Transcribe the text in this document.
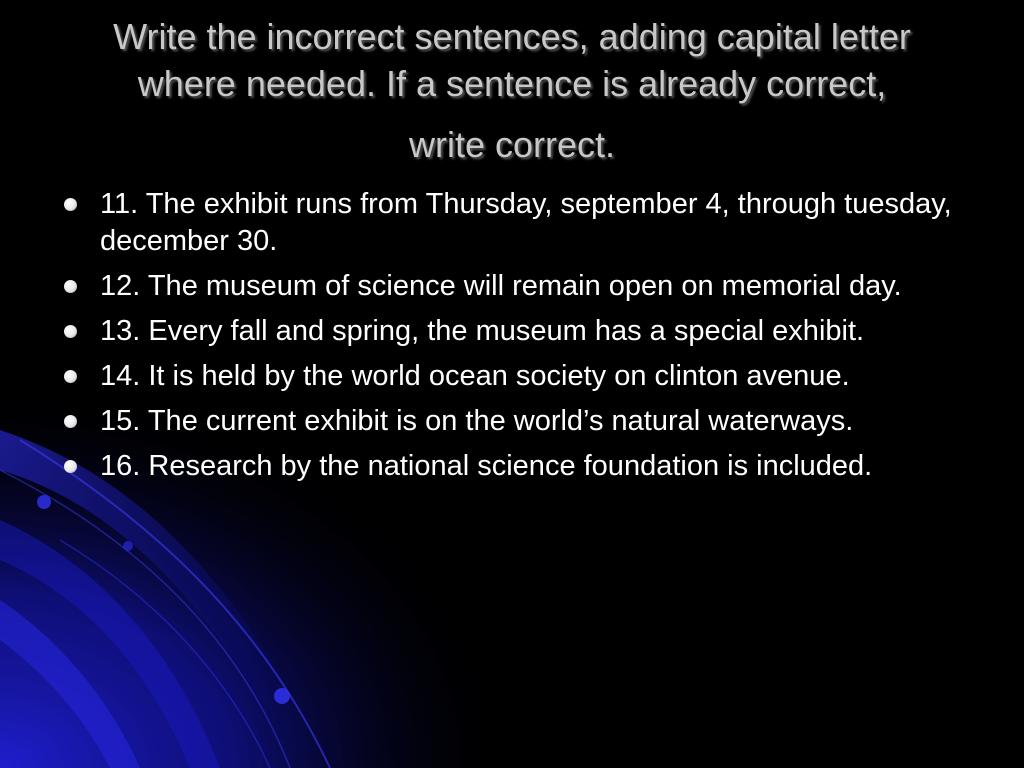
Write the incorrect sentences, adding capital letter
where needed. If a sentence is already correct,
write correct.
11. The exhibit runs from Thursday, september 4, through tuesday, december 30.
12. The museum of science will remain open on memorial day.
13. Every fall and spring, the museum has a special exhibit.
14. It is held by the world ocean society on clinton avenue.
15. The current exhibit is on the world’s natural waterways.
16. Research by the national science foundation is included.
